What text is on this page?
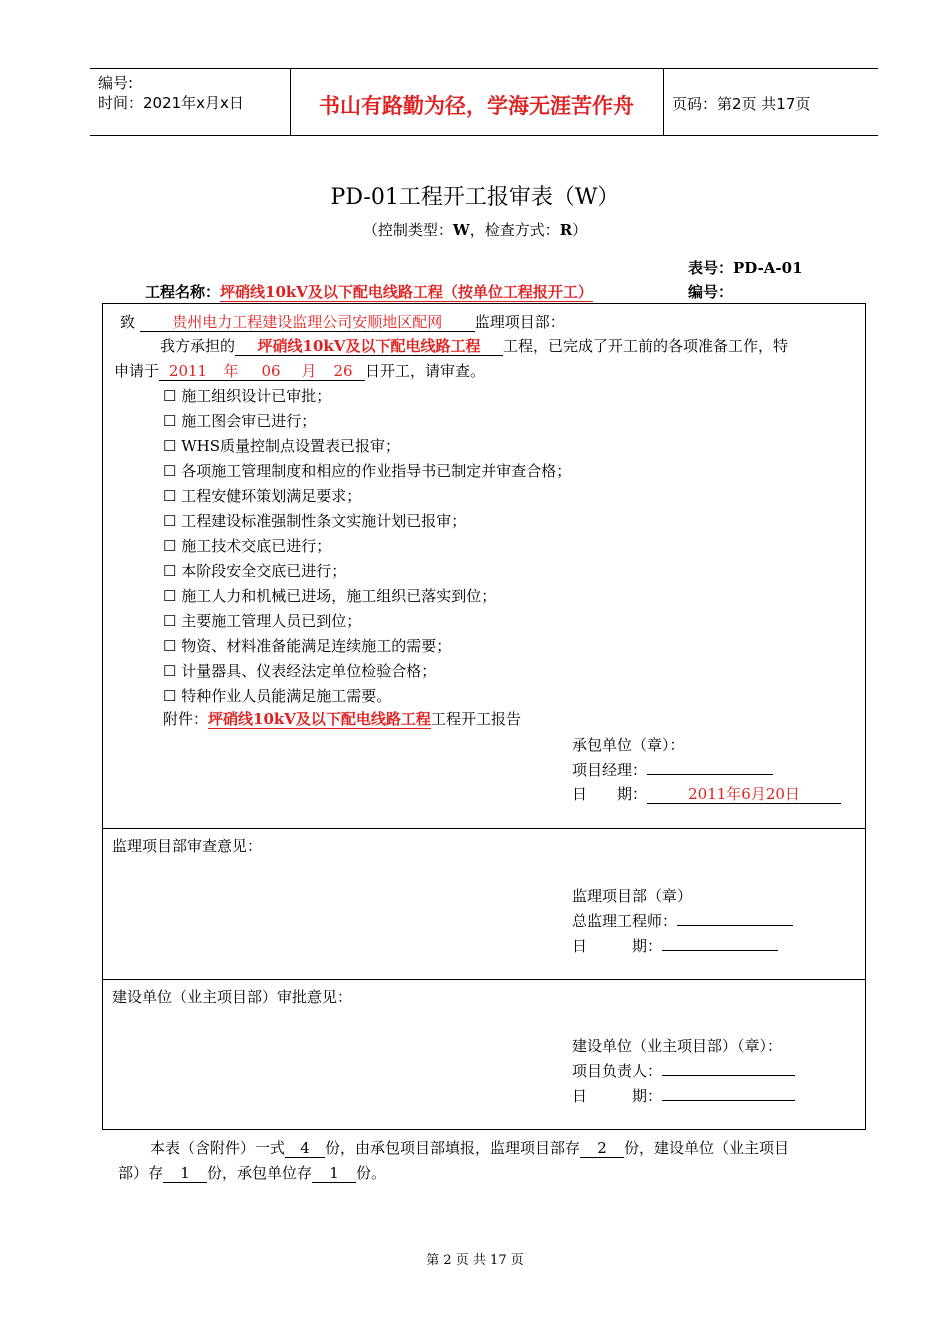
编号:
时间：2021年x月x日	书山有路勤为径，学海无涯苦作舟	页码：第2页 共17页
PD-01工程开工报审表（W）
（控制类型：W，检查方式：R）
表号：PD-A-01
工程名称：坪硝线10kV及以下配电线路工程（按单位工程报开工）	编号：
致 贵州电力工程建设监理公司安顺地区配网 监理项目部：
我方承担的 坪硝线10kV及以下配电线路工程 工程，已完成了开工前的各项准备工作，特
申请于 2011 年 06 月 26 日开工，请审查。
☐ 施工组织设计已审批；
☐ 施工图会审已进行；
☐ WHS质量控制点设置表已报审；
☐ 各项施工管理制度和相应的作业指导书已制定并审查合格；
☐ 工程安健环策划满足要求；
☐ 工程建设标准强制性条文实施计划已报审；
☐ 施工技术交底已进行；
☐ 本阶段安全交底已进行；
☐ 施工人力和机械已进场，施工组织已落实到位；
☐ 主要施工管理人员已到位；
☐ 物资、材料准备能满足连续施工的需要；
☐ 计量器具、仪表经法定单位检验合格；
☐ 特种作业人员能满足施工需要。
附件：坪硝线10kV及以下配电线路工程工程开工报告
承包单位（章）：
项目经理：
日　　期：	2011年6月20日
监理项目部审查意见：
监理项目部（章）
总监理工程师：
日　　　期：
建设单位（业主项目部）审批意见：
建设单位（业主项目部）（章）：
项目负责人：
日　　　期：
本表（含附件）一式 4 份，由承包项目部填报，监理项目部存 2 份，建设单位（业主项目
部）存 1 份，承包单位存 1 份。
第 2 页 共 17 页
